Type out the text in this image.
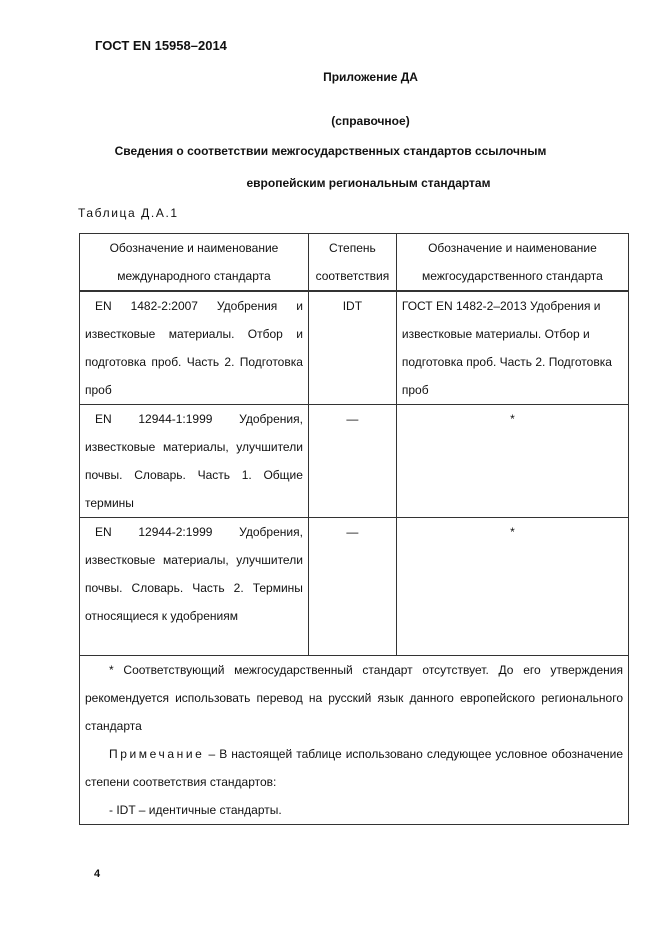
ГОСТ EN 15958–2014
Приложение ДА
(справочное)
Сведения о соответствии межгосударственных стандартов ссылочным
европейским региональным стандартам
Таблица Д.А.1
Обозначение и наименование международного стандарта	Степень соответствия	Обозначение и наименование межгосударственного стандарта
EN 1482-2:2007 Удобрения и известковые материалы. Отбор и подготовка проб. Часть 2. Подготовка проб	IDT	ГОСТ EN 1482-2–2013 Удобрения и известковые материалы. Отбор и подготовка проб. Часть 2. Подготовка проб
EN 12944-1:1999 Удобрения, известковые материалы, улучшители почвы. Словарь. Часть 1. Общие термины	—	*
EN 12944-2:1999 Удобрения, известковые материалы, улучшители почвы. Словарь. Часть 2. Термины относящиеся к удобрениям	—	*

* Соответствующий межгосударственный стандарт отсутствует. До его утверждения рекомендуется использовать перевод на русский язык данного европейского регионального стандарта

Примечание – В настоящей таблице использовано следующее условное обозначение степени соответствия стандартов:

- IDT – идентичные стандарты.		

4
